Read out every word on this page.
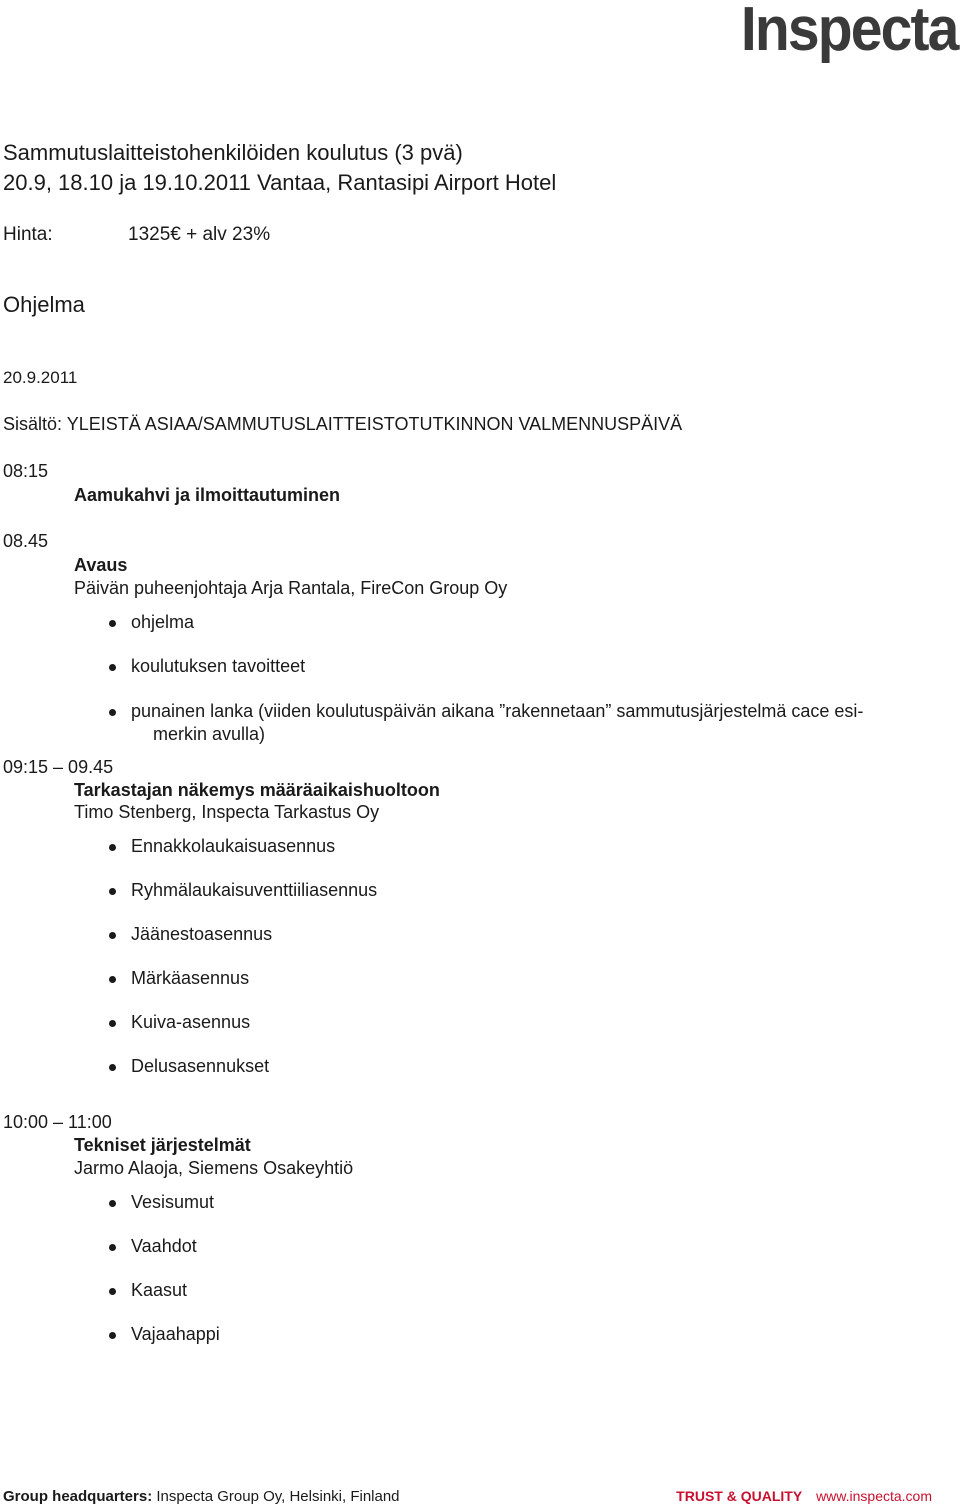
Inspecta
Sammutuslaitteistohenkilöiden koulutus (3 pvä)
20.9, 18.10 ja 19.10.2011 Vantaa, Rantasipi Airport Hotel
Hinta:	1325€ + alv 23%
Ohjelma
20.9.2011
Sisältö: YLEISTÄ ASIAA/SAMMUTUSLAITTEISTOTUTKINNON VALMENNUSPÄIVÄ
08:15
Aamukahvi ja ilmoittautuminen
08.45
Avaus
Päivän puheenjohtaja Arja Rantala, FireCon Group Oy
ohjelma
koulutuksen tavoitteet
punainen lanka (viiden koulutuspäivän aikana ”rakennetaan” sammutusjärjestelmä cace esi-
merkin avulla)
09:15 – 09.45
Tarkastajan näkemys määräaikaishuoltoon
Timo Stenberg, Inspecta Tarkastus Oy
Ennakkolaukaisuasennus
Ryhmälaukaisuventtiiliasennus
Jäänestoasennus
Märkäasennus
Kuiva-asennus
Delusasennukset
10:00 – 11:00
Tekniset järjestelmät
Jarmo Alaoja, Siemens Osakeyhtiö
Vesisumut
Vaahdot
Kaasut
Vajaahappi
Group headquarters: Inspecta Group Oy, Helsinki, Finland	TRUST & QUALITY www.inspecta.com
